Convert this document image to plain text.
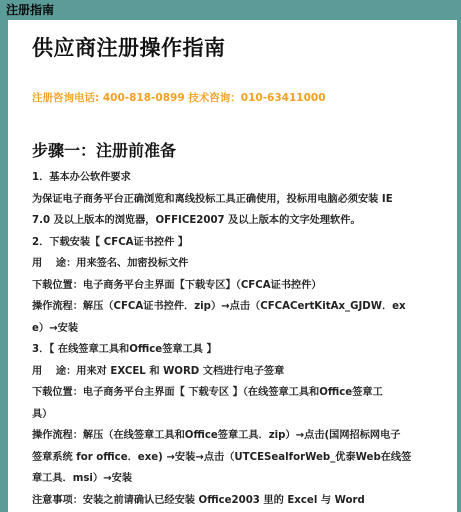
注册指南
供应商注册操作指南
注册咨询电话: 400-818-0899 技术咨询：010-63411000
步骤一：注册前准备
1．基本办公软件要求
为保证电子商务平台正确浏览和离线投标工具正确使用，投标用电脑必须安装 IE
7.0 及以上版本的浏览器，OFFICE2007 及以上版本的文字处理软件。
2．下载安装【 CFCA证书控件 】
用　 途：用来签名、加密投标文件
下载位置：电子商务平台主界面【下载专区】（CFCA证书控件）
操作流程：解压（CFCA证书控件．zip）→点击（CFCACertKitAx_GJDW．ex
e）→安装
3．【 在线签章工具和Office签章工具 】
用　 途：用来对 EXCEL 和 WORD 文档进行电子签章
下载位置：电子商务平台主界面【 下载专区 】（在线签章工具和Office签章工
具）
操作流程：解压（在线签章工具和Office签章工具．zip）→点击(国网招标网电子
签章系统 for office．exe) →安装→点击（UTCESealforWeb_优泰Web在线签
章工具．msi）→安装
注意事项：安装之前请确认已经安装 Office2003 里的 Excel 与 Word
